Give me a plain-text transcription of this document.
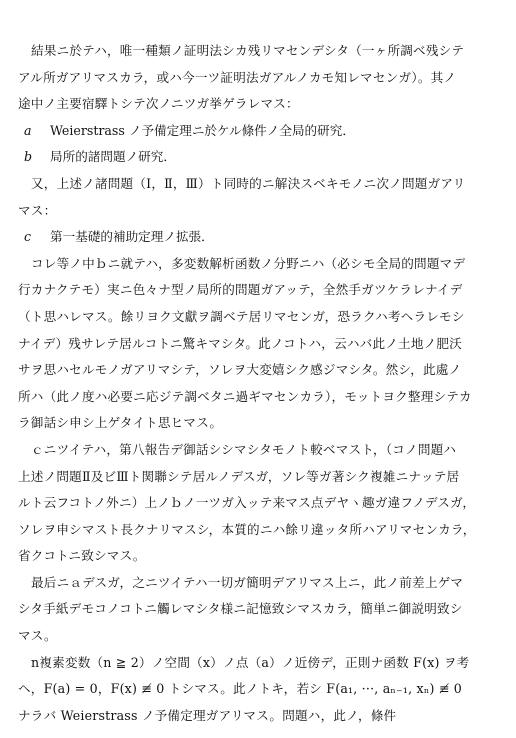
結果ニ於テハ，唯一種類ノ証明法シカ残リマセンデシタ（一ヶ所調ベ残シテ
アル所ガアリマスカラ，或ハ今一ツ証明法ガアルノカモ知レマセンガ）。其ノ
途中ノ主要宿驛トシテ次ノニツガ挙ゲラレマス：

a Weierstrass ノ予備定理ニ於ケル條件ノ全局的研究．

b 局所的諸問題ノ研究．

又，上述ノ諸問題（Ⅰ，Ⅱ，Ⅲ）ト同時的ニ解決スベキモノニ次ノ問題ガアリ
マス：

c 第一基礎的補助定理ノ拡張．

コレ等ノ中ｂニ就テハ，多変数解析函数ノ分野ニハ（必シモ全局的問題マデ
行カナクテモ）実ニ色々ナ型ノ局所的問題ガアッテ，全然手ガツケラレナイデ
（ト思ハレマス。餘リヨク文獻ヲ調ベテ居リマセンガ，恐ラクハ考ヘラレモシ
ナイデ）残サレテ居ルコトニ驚キマシタ。此ノコトハ，云ハバ此ノ土地ノ肥沃
サヲ思ハセルモノガアリマシテ，ソレヲ大変嬉シク感ジマシタ。然シ，此處ノ
所ハ（此ノ度ハ必要ニ応ジテ調ベタニ過ギマセンカラ），モットヨク整理シテカ
ラ御話シ申シ上ゲタイト思ヒマス。

ｃニツイテハ，第八報告デ御話シシマシタモノト較ベマスト，（コノ問題ハ
上述ノ問題Ⅱ及ビⅢト関聯シテ居ルノデスガ，ソレ等ガ著シク複雑ニナッテ居
ルト云フコトノ外ニ）上ノｂノ一ツガ入ッテ来マス点デヤヽ趣ガ違フノデスガ，
ソレヲ申シマスト長クナリマスシ，本質的ニハ餘リ違ッタ所ハアリマセンカラ，
省クコトニ致シマス。

最后ニａデスガ，之ニツイテハ一切ガ簡明デアリマス上ニ，此ノ前差上ゲマ
シタ手紙デモコノコトニ觸レマシタ様ニ記憶致シマスカラ，簡単ニ御説明致シ
マス。

n複素変数（n ≧ 2）ノ空間（x）ノ点（a）ノ近傍デ，正則ナ函数 F(x) ヲ考
ヘ，F(a) = 0，F(x) ≢ 0 トシマス。此ノトキ，若シ F(a₁, ···, aₙ₋₁, xₙ) ≢ 0
ナラバ Weierstrass ノ予備定理ガアリマス。問題ハ，此ノ，條件
